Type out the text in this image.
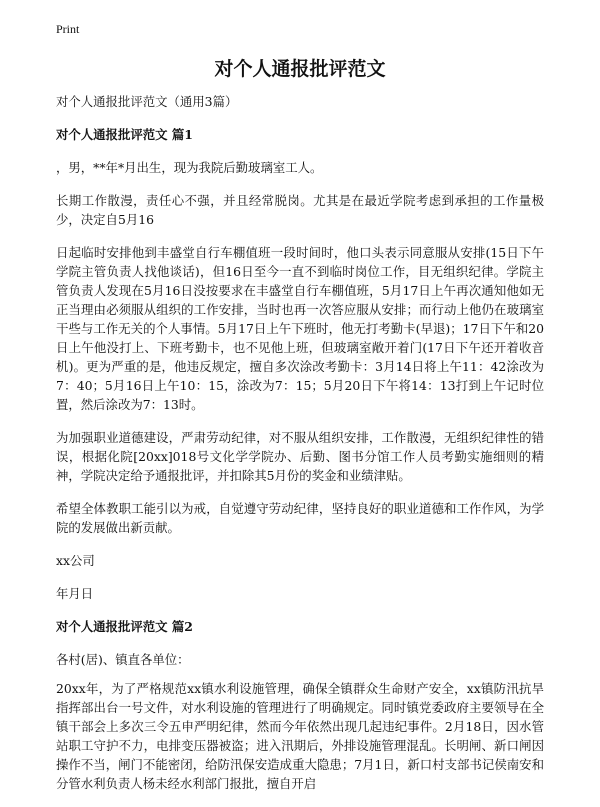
Print
对个人通报批评范文

对个人通报批评范文（通用3篇）

对个人通报批评范文 篇1

，男，**年*月出生，现为我院后勤玻璃室工人。

长期工作散漫，责任心不强，并且经常脱岗。尤其是在最近学院考虑到承担的工作量极少，决定自5月16

日起临时安排他到丰盛堂自行车棚值班一段时间时，他口头表示同意服从安排(15日下午学院主管负责人找他谈话)，但16日至今一直不到临时岗位工作，目无组织纪律。学院主管负责人发现在5月16日没按要求在丰盛堂自行车棚值班，5月17日上午再次通知他如无正当理由必须服从组织的工作安排，当时也再一次答应服从安排；而行动上他仍在玻璃室干些与工作无关的个人事情。5月17日上午下班时，他无打考勤卡(早退)；17日下午和20日上午他没打上、下班考勤卡，也不见他上班，但玻璃室敞开着门(17日下午还开着收音机)。更为严重的是，他违反规定，擅自多次涂改考勤卡：3月14日将上午11：42涂改为7：40；5月16日上午10：15，涂改为7：15；5月20日下午将14：13打到上午记时位置，然后涂改为7：13时。

为加强职业道德建设，严肃劳动纪律，对不服从组织安排，工作散漫，无组织纪律性的错误，根据化院[20xx]018号文化学学院办、后勤、图书分馆工作人员考勤实施细则的精神，学院决定给予通报批评，并扣除其5月份的奖金和业绩津贴。

希望全体教职工能引以为戒，自觉遵守劳动纪律，坚持良好的职业道德和工作作风，为学院的发展做出新贡献。

xx公司

年月日

对个人通报批评范文 篇2

各村(居)、镇直各单位：

20xx年，为了严格规范xx镇水利设施管理，确保全镇群众生命财产安全，xx镇防汛抗旱指挥部出台一号文件，对水利设施的管理进行了明确规定。同时镇党委政府主要领导在全镇干部会上多次三令五申严明纪律，然而今年依然出现几起违纪事件。2月18日，因水管站职工守护不力，电排变压器被盗；进入汛期后，外排设施管理混乱。长明闸、新口闸因操作不当，闸门不能密闭，给防汛保安造成重大隐患；7月1日，新口村支部书记侯南安和分管水利负责人杨未经水利部门报批，擅自开启
